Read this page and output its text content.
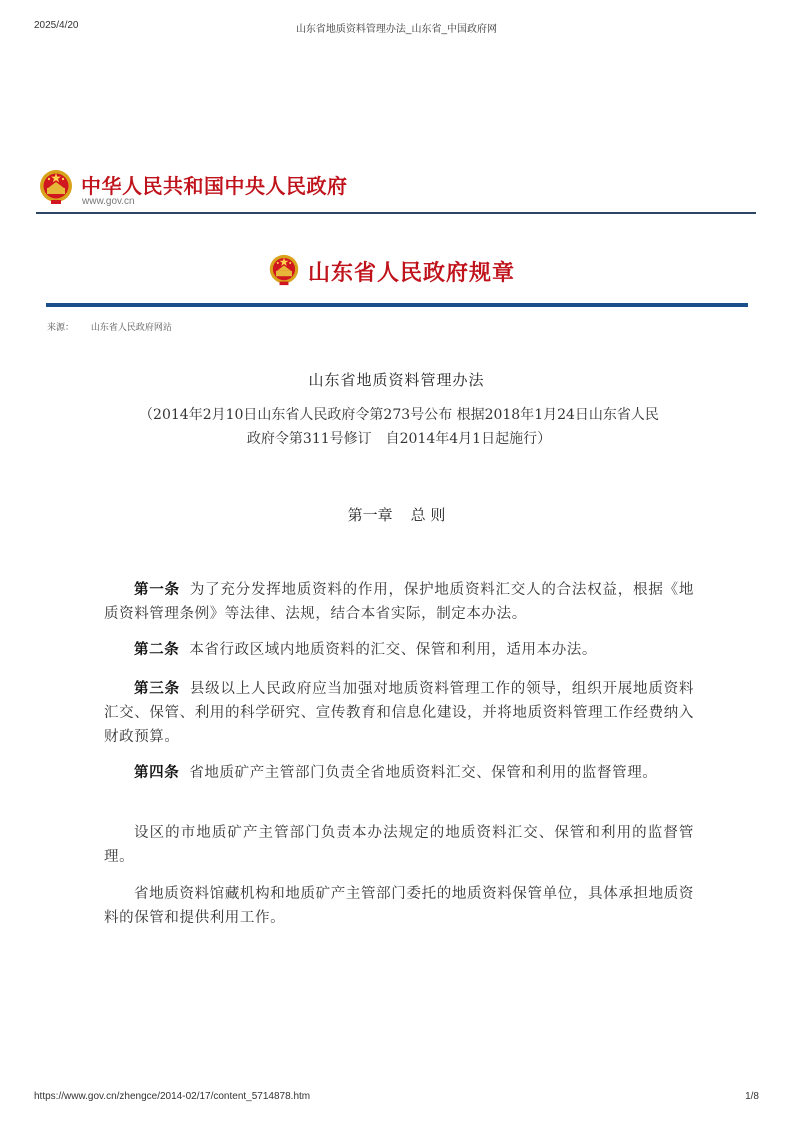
2025/4/20	山东省地质资料管理办法_山东省_中国政府网
中华人民共和国中央人民政府
www.gov.cn
山东省人民政府规章
来源： 山东省人民政府网站
山东省地质资料管理办法
（2014年2月10日山东省人民政府令第273号公布 根据2018年1月24日山东省人民
政府令第311号修订　自2014年4月1日起施行）
第一章 总 则
第一条 为了充分发挥地质资料的作用，保护地质资料汇交人的合法权益，根据《地质资料管理条例》等法律、法规，结合本省实际，制定本办法。
第二条 本省行政区域内地质资料的汇交、保管和利用，适用本办法。
第三条 县级以上人民政府应当加强对地质资料管理工作的领导，组织开展地质资料汇交、保管、利用的科学研究、宣传教育和信息化建设，并将地质资料管理工作经费纳入财政预算。
第四条 省地质矿产主管部门负责全省地质资料汇交、保管和利用的监督管理。
设区的市地质矿产主管部门负责本办法规定的地质资料汇交、保管和利用的监督管理。
省地质资料馆藏机构和地质矿产主管部门委托的地质资料保管单位，具体承担地质资料的保管和提供利用工作。
https://www.gov.cn/zhengce/2014-02/17/content_5714878.htm	1/8
